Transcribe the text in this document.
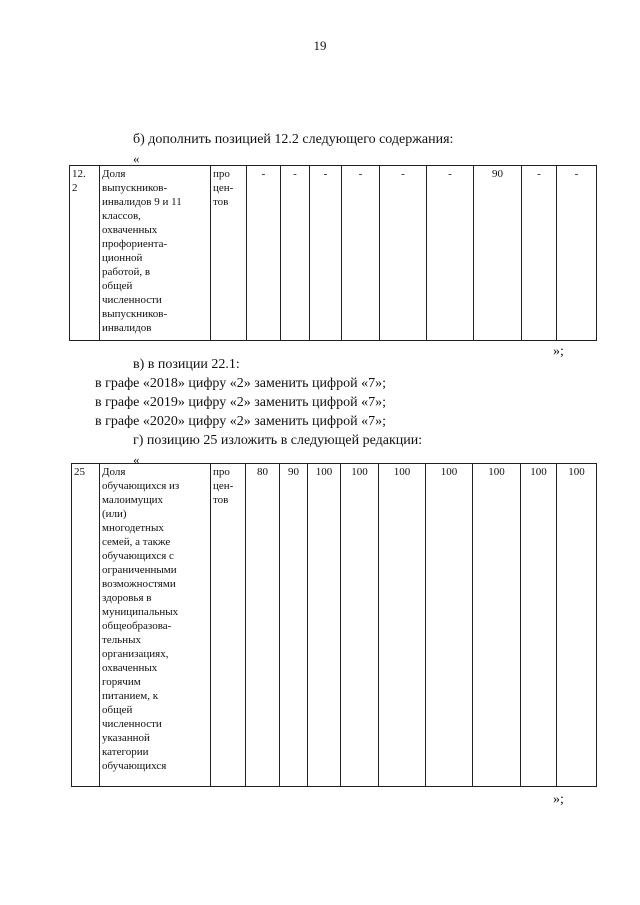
19
б) дополнить позицией 12.2 следующего содержания:
«
12.
2	Доля
выпускников-
инвалидов 9 и 11
классов,
охваченных
профориента-
ционной
работой, в
общей
численности
выпускников-
инвалидов	про
цен-
тов	-	-	-	-	-	-	90	-	-
»;
в) в позиции 22.1:
в графе «2018» цифру «2» заменить цифрой «7»;
в графе «2019» цифру «2» заменить цифрой «7»;
в графе «2020» цифру «2» заменить цифрой «7»;
г) позицию 25 изложить в следующей редакции:
«
25	Доля
обучающихся из
малоимущих
(или)
многодетных
семей, а также
обучающихся с
ограниченными
возможностями
здоровья в
муниципальных
общеобразова-
тельных
организациях,
охваченных
горячим
питанием, к
общей
численности
указанной
категории
обучающихся	про
цен-
тов	80	90	100	100	100	100	100	100	100
»;
